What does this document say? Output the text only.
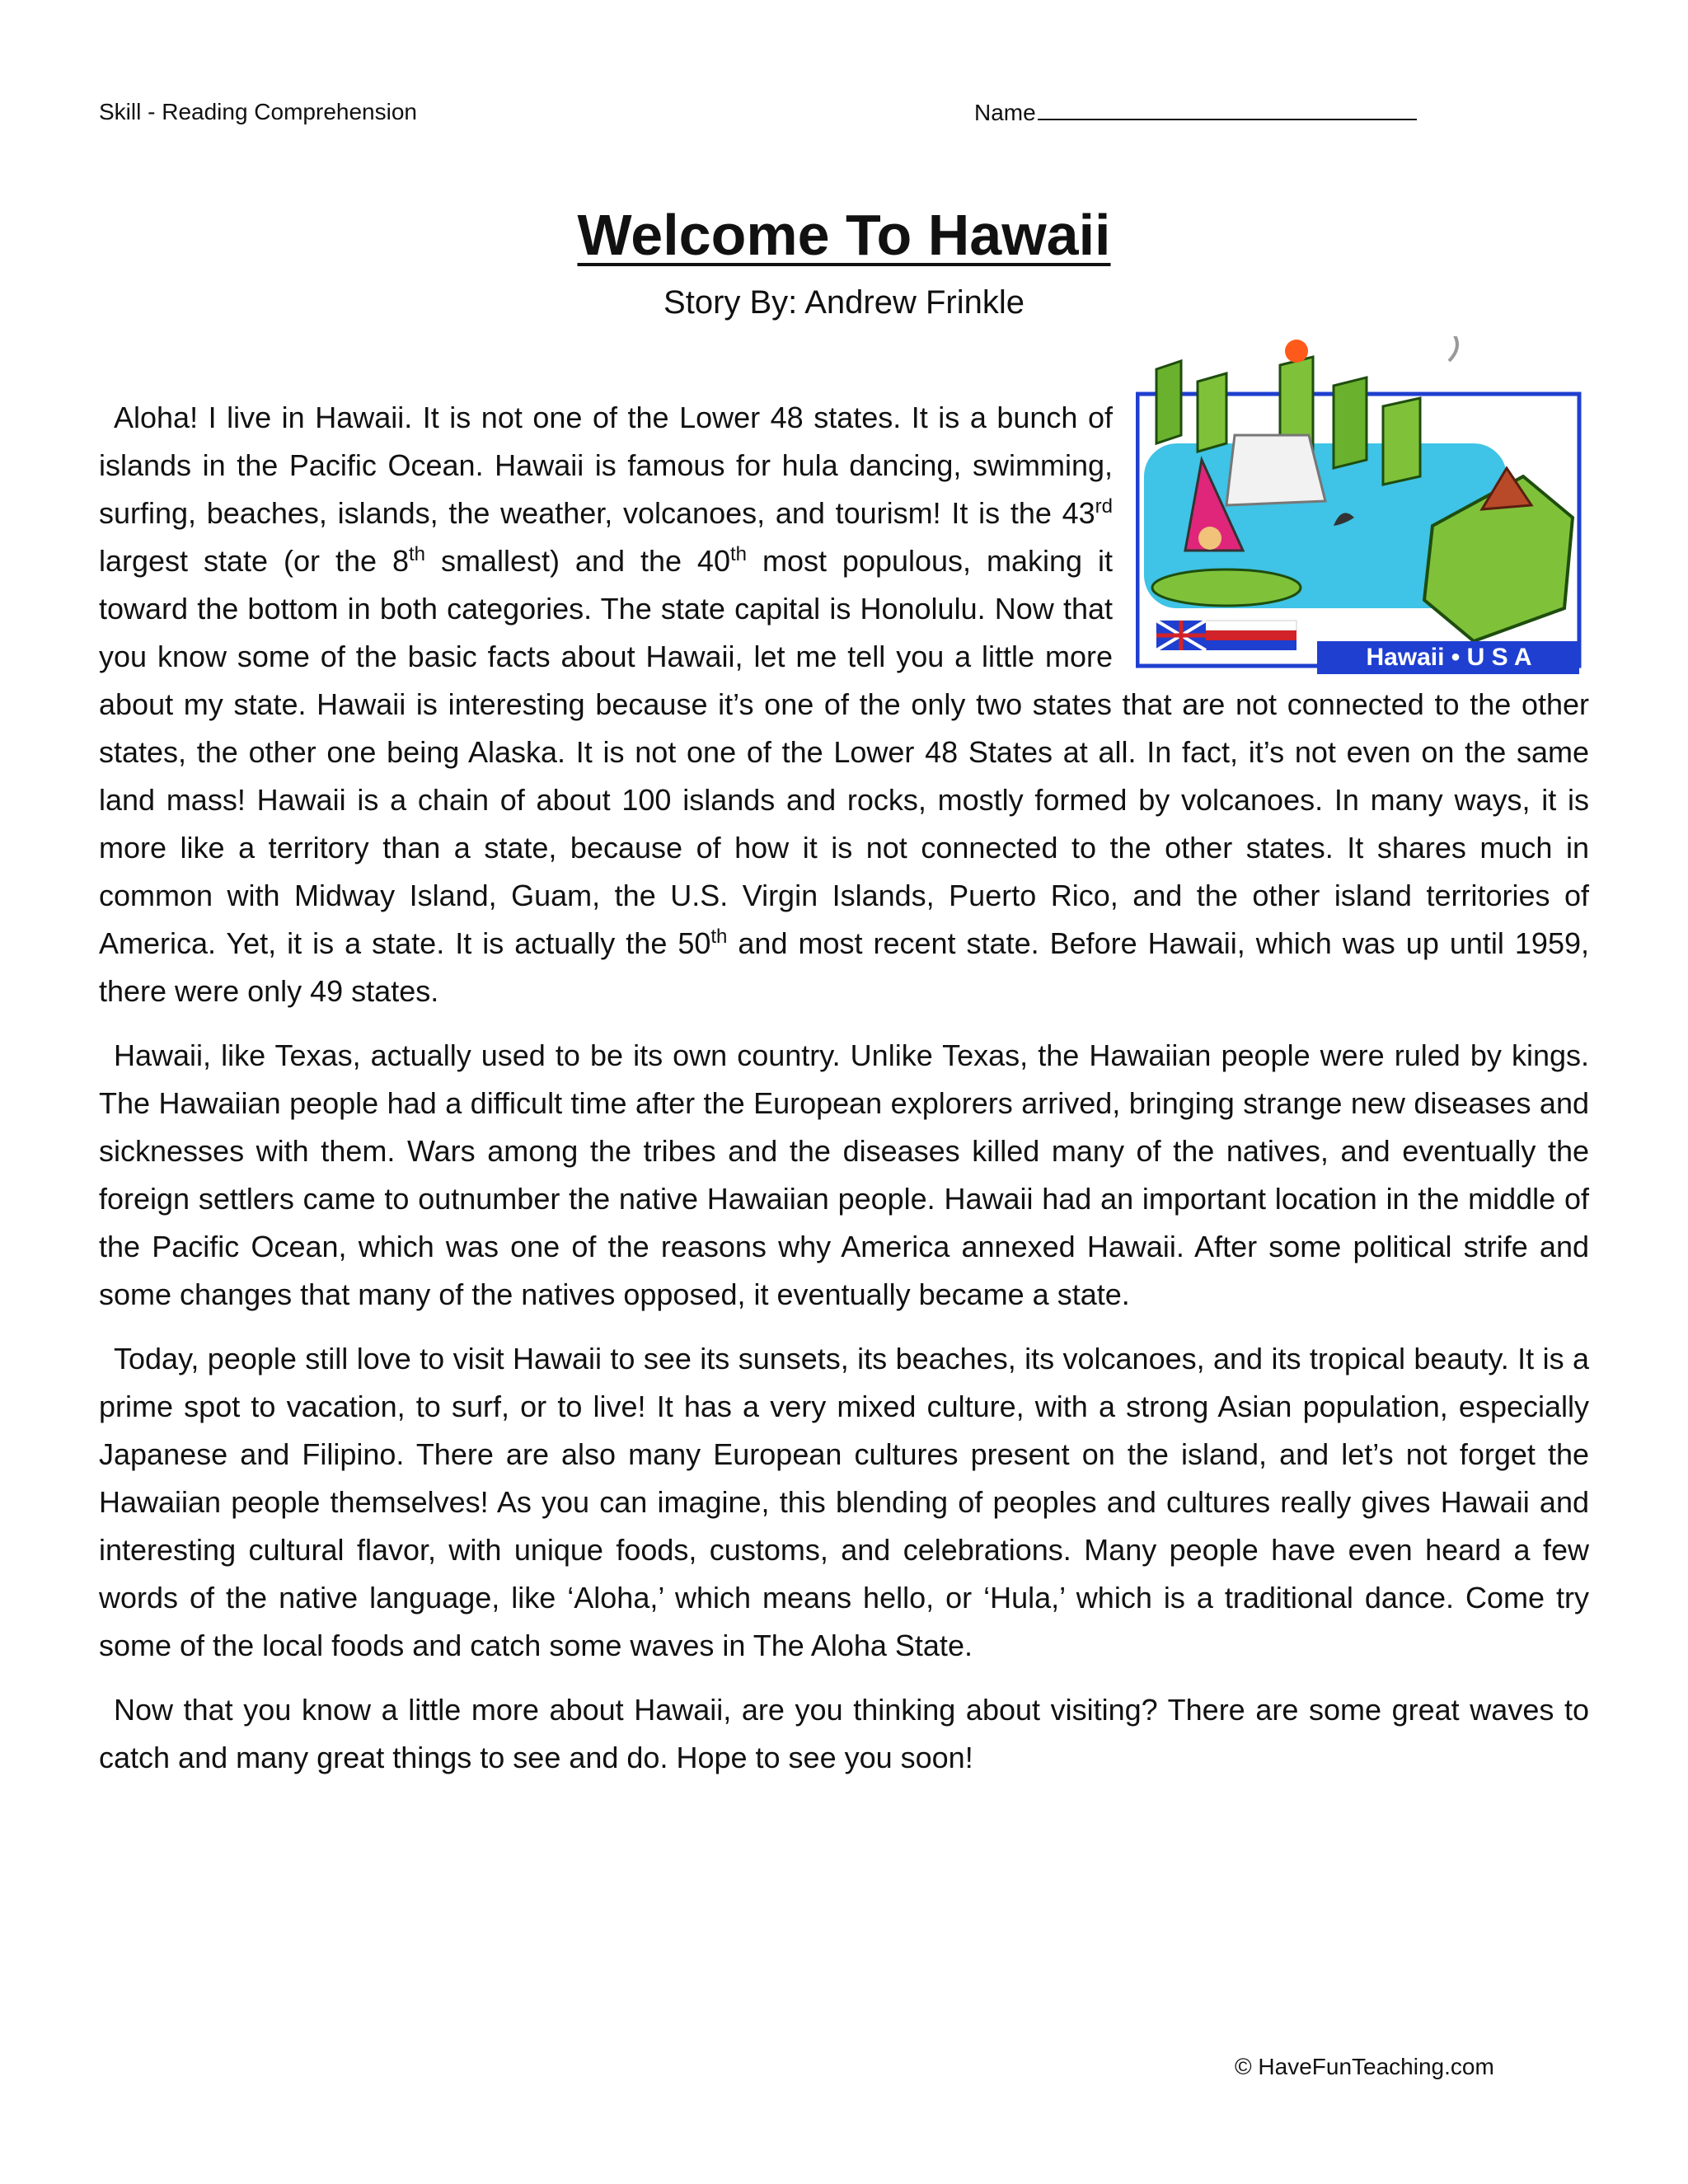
Skill - Reading Comprehension	Name
Welcome To Hawaii
Story By: Andrew Frinkle
Hawaii • U S A

Aloha! I live in Hawaii. It is not one of the Lower 48 states. It is a bunch of islands in the Pacific Ocean. Hawaii is famous for hula dancing, swimming, surfing, beaches, islands, the weather, volcanoes, and tourism! It is the 43rd largest state (or the 8th smallest) and the 40th most populous, making it toward the bottom in both categories. The state capital is Honolulu. Now that you know some of the basic facts about Hawaii, let me tell you a little more about my state. Hawaii is interesting because it’s one of the only two states that are not connected to the other states, the other one being Alaska. It is not one of the Lower 48 States at all. In fact, it’s not even on the same land mass! Hawaii is a chain of about 100 islands and rocks, mostly formed by volcanoes. In many ways, it is more like a territory than a state, because of how it is not connected to the other states. It shares much in common with Midway Island, Guam, the U.S. Virgin Islands, Puerto Rico, and the other island territories of America. Yet, it is a state. It is actually the 50th and most recent state. Before Hawaii, which was up until 1959, there were only 49 states.

Hawaii, like Texas, actually used to be its own country. Unlike Texas, the Hawaiian people were ruled by kings. The Hawaiian people had a difficult time after the European explorers arrived, bringing strange new diseases and sicknesses with them. Wars among the tribes and the diseases killed many of the natives, and eventually the foreign settlers came to outnumber the native Hawaiian people. Hawaii had an important location in the middle of the Pacific Ocean, which was one of the reasons why America annexed Hawaii. After some political strife and some changes that many of the natives opposed, it eventually became a state.

Today, people still love to visit Hawaii to see its sunsets, its beaches, its volcanoes, and its tropical beauty. It is a prime spot to vacation, to surf, or to live! It has a very mixed culture, with a strong Asian population, especially Japanese and Filipino. There are also many European cultures present on the island, and let’s not forget the Hawaiian people themselves! As you can imagine, this blending of peoples and cultures really gives Hawaii and interesting cultural flavor, with unique foods, customs, and celebrations. Many people have even heard a few words of the native language, like ‘Aloha,’ which means hello, or ‘Hula,’ which is a traditional dance. Come try some of the local foods and catch some waves in The Aloha State.

Now that you know a little more about Hawaii, are you thinking about visiting? There are some great waves to catch and many great things to see and do. Hope to see you soon!

© HaveFunTeaching.com
